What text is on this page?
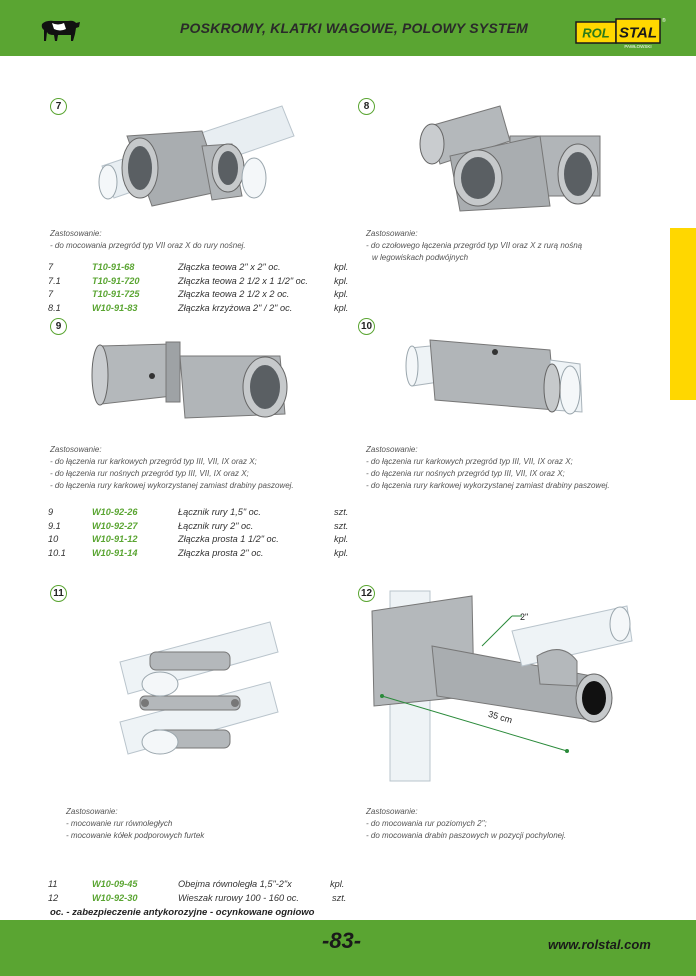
POSKROMY, KLATKI WAGOWE, POLOWY SYSTEM	ROL STAL
PAWŁOWSKI
®
7
Zastosowanie:
- do mocowania przegród typ VII oraz X do rury nośnej.
7	T10-91-68	Złączka teowa 2" x 2" oc.	kpl.
7.1	T10-91-720	Złączka teowa 2 1/2 x 1 1/2" oc.	kpl.
7	T10-91-725	Złączka teowa 2 1/2 x 2 oc.	kpl.
8.1	W10-91-83	Złączka krzyżowa 2" / 2" oc.	kpl.
8
Zastosowanie:
- do czołowego łączenia przegród typ VII oraz X z rurą nośną
w legowiskach podwójnych
9
Zastosowanie:
- do łączenia rur karkowych przegród typ III, VII, IX oraz X;
- do łączenia rur nośnych przegród typ III, VII, IX oraz X;
- do łączenia rury karkowej wykorzystanej zamiast drabiny paszowej.
9	W10-92-26	Łącznik rury 1,5" oc.	szt.
9.1	W10-92-27	Łącznik rury 2" oc.	szt.
10	W10-91-12	Złączka prosta 1 1/2" oc.	kpl.
10.1	W10-91-14	Złączka prosta 2" oc.	kpl.
10
Zastosowanie:
- do łączenia rur karkowych przegród typ III, VII, IX oraz X;
- do łączenia rur nośnych przegród typ III, VII, IX oraz X;
- do łączenia rury karkowej wykorzystanej zamiast drabiny paszowej.
11
Zastosowanie:
- mocowanie rur równoległych
- mocowanie kółek podporowych furtek
11	W10-09-45	Obejma równoległa 1,5"-2"x	kpl.
12	W10-92-30	Wieszak rurowy 100 - 160 oc.	szt.
12
2"
35 cm
Zastosowanie:
- do mocowania rur poziomych 2";
- do mocowania drabin paszowych w pozycji pochylonej.
oc. - zabezpieczenie antykorozyjne - ocynkowane ogniowo
-83-	www.rolstal.com
